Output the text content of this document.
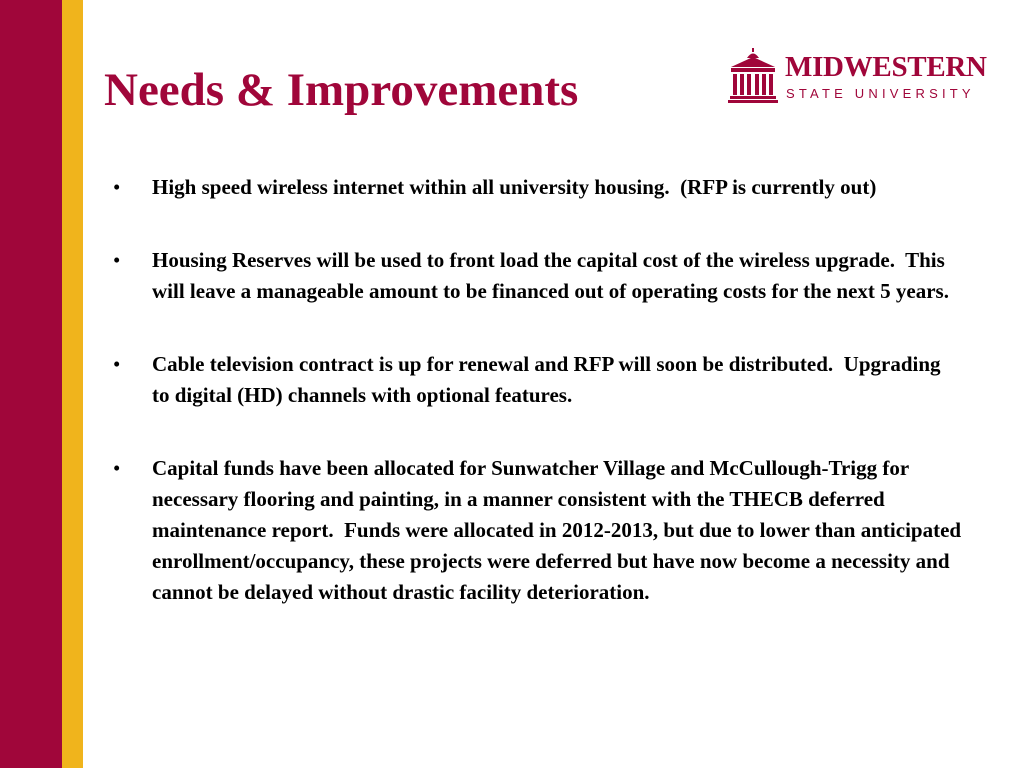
Needs & Improvements	MIDWESTERN
STATE UNIVERSITY
• High speed wireless internet within all university housing.  (RFP is currently out)
• Housing Reserves will be used to front load the capital cost of the wireless upgrade.  This will leave a manageable amount to be financed out of operating costs for the next 5 years.
• Cable television contract is up for renewal and RFP will soon be distributed.  Upgrading to digital (HD) channels with optional features.
• Capital funds have been allocated for Sunwatcher Village and McCullough-Trigg for necessary flooring and painting, in a manner consistent with the THECB deferred maintenance report.  Funds were allocated in 2012-2013, but due to lower than anticipated enrollment/occupancy, these projects were deferred but have now become a necessity and cannot be delayed without drastic facility deterioration.
